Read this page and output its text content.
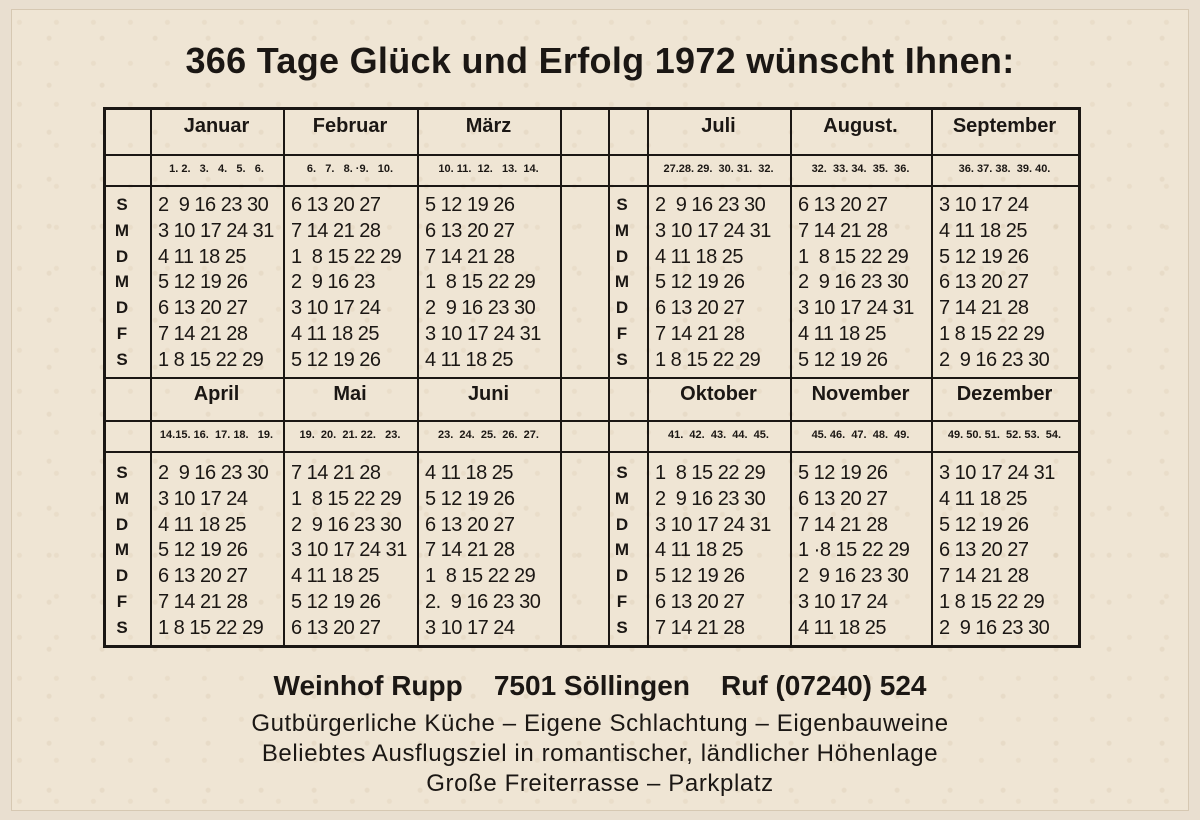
366 Tage Glück und Erfolg 1972 wünscht Ihnen:
S
M
D
M
D
F
S
Januar
1. 2.   3.   4.   5.   6.
2  9 16 23 30
3 10 17 24 31
4 11 18 25
5 12 19 26
6 13 20 27
7 14 21 28
1 8 15 22 29
Februar
6.   7.   8. ·9.   10.
6 13 20 27
7 14 21 28
1  8 15 22 29
2  9 16 23
3 10 17 24
4 11 18 25
5 12 19 26
März
10. 11.  12.   13.  14.
5 12 19 26
6 13 20 27
7 14 21 28
1  8 15 22 29
2  9 16 23 30
3 10 17 24 31
4 11 18 25
S
M
D
M
D
F
S
Juli
27.28. 29.  30. 31.  32.
2  9 16 23 30
3 10 17 24 31
4 11 18 25
5 12 19 26
6 13 20 27
7 14 21 28
1 8 15 22 29
August.
32.  33. 34.  35.  36.
6 13 20 27
7 14 21 28
1  8 15 22 29
2  9 16 23 30
3 10 17 24 31
4 11 18 25
5 12 19 26
September
36. 37. 38.  39. 40.
3 10 17 24
4 11 18 25
5 12 19 26
6 13 20 27
7 14 21 28
1 8 15 22 29
2  9 16 23 30
S
M
D
M
D
F
S
April
14.15. 16.  17. 18.   19.
2  9 16 23 30
3 10 17 24
4 11 18 25
5 12 19 26
6 13 20 27
7 14 21 28
1 8 15 22 29
Mai
19.  20.  21. 22.   23.
7 14 21 28
1  8 15 22 29
2  9 16 23 30
3 10 17 24 31
4 11 18 25
5 12 19 26
6 13 20 27
Juni
23.  24.  25.  26.  27.
4 11 18 25
5 12 19 26
6 13 20 27
7 14 21 28
1  8 15 22 29
2.  9 16 23 30
3 10 17 24
S
M
D
M
D
F
S
Oktober
41.  42.  43.  44.  45.
1  8 15 22 29
2  9 16 23 30
3 10 17 24 31
4 11 18 25
5 12 19 26
6 13 20 27
7 14 21 28
November
45. 46.  47.  48.  49.
5 12 19 26
6 13 20 27
7 14 21 28
1 ·8 15 22 29
2  9 16 23 30
3 10 17 24
4 11 18 25
Dezember
49. 50. 51.  52. 53.  54.
3 10 17 24 31
4 11 18 25
5 12 19 26
6 13 20 27
7 14 21 28
1 8 15 22 29
2  9 16 23 30
Weinhof Rupp    7501 Söllingen    Ruf (07240) 524
Gutbürgerliche Küche – Eigene Schlachtung – Eigenbauweine
Beliebtes Ausflugsziel in romantischer, ländlicher Höhenlage
Große Freiterrasse – Parkplatz
